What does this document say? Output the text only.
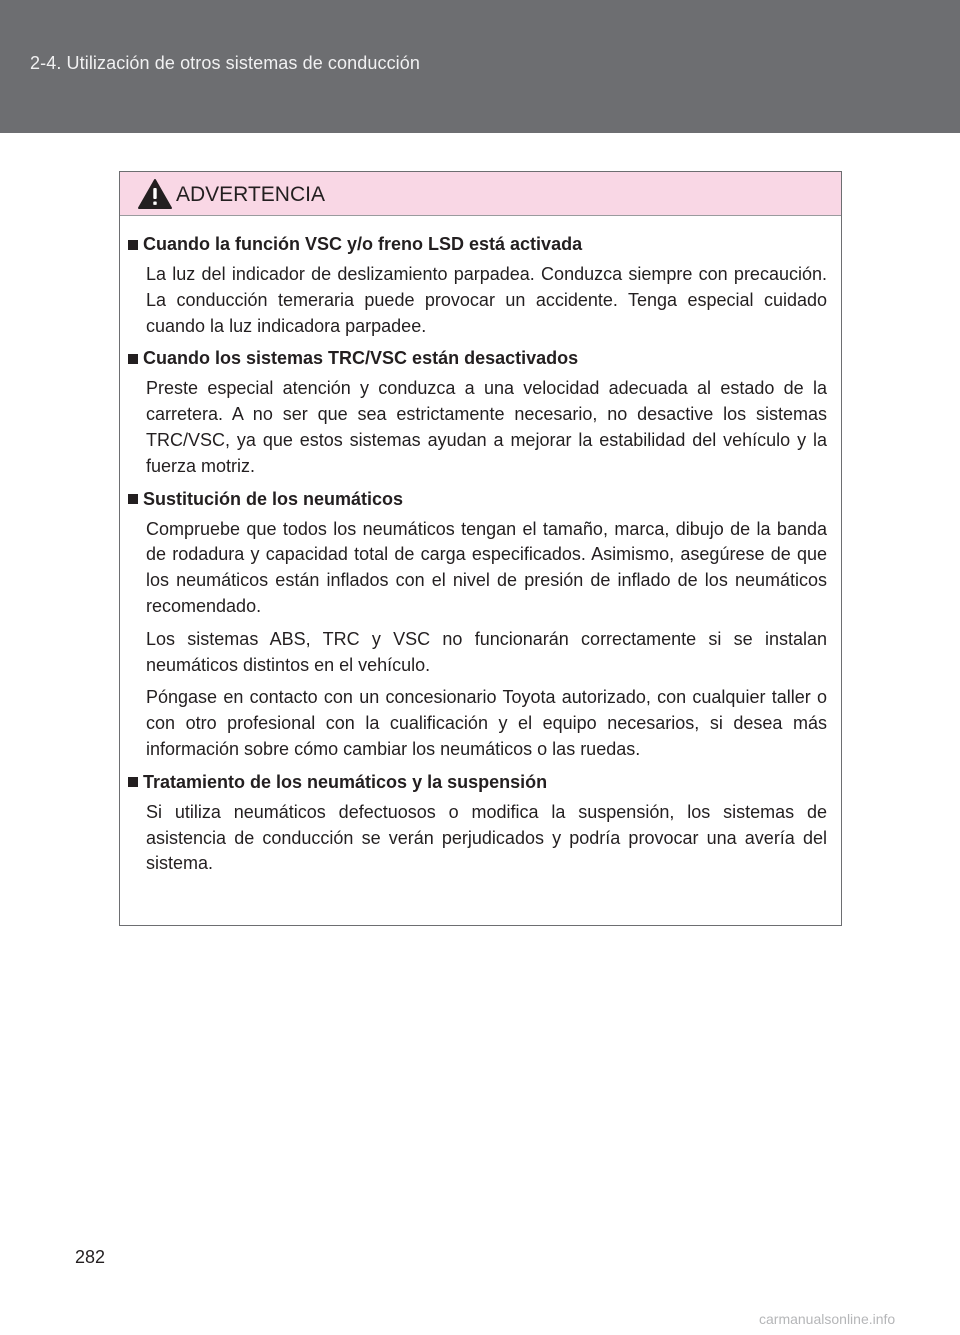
2-4. Utilización de otros sistemas de conducción
ADVERTENCIA
Cuando la función VSC y/o freno LSD está activada

La luz del indicador de deslizamiento parpadea. Conduzca siempre con precaución. La conducción temeraria puede provocar un accidente. Tenga especial cuidado cuando la luz indicadora parpadee.

Cuando los sistemas TRC/VSC están desactivados

Preste especial atención y conduzca a una velocidad adecuada al estado de la carretera. A no ser que sea estrictamente necesario, no desactive los sistemas TRC/VSC, ya que estos sistemas ayudan a mejorar la estabilidad del vehículo y la fuerza motriz.

Sustitución de los neumáticos

Compruebe que todos los neumáticos tengan el tamaño, marca, dibujo de la banda de rodadura y capacidad total de carga especificados. Asimismo, asegúrese de que los neumáticos están inflados con el nivel de presión de inflado de los neumáticos recomendado.

Los sistemas ABS, TRC y VSC no funcionarán correctamente si se instalan neumáticos distintos en el vehículo.

Póngase en contacto con un concesionario Toyota autorizado, con cualquier taller o con otro profesional con la cualificación y el equipo necesarios, si desea más información sobre cómo cambiar los neumáticos o las ruedas.

Tratamiento de los neumáticos y la suspensión

Si utiliza neumáticos defectuosos o modifica la suspensión, los sistemas de asistencia de conducción se verán perjudicados y podría provocar una avería del sistema.

282
carmanualsonline.info
